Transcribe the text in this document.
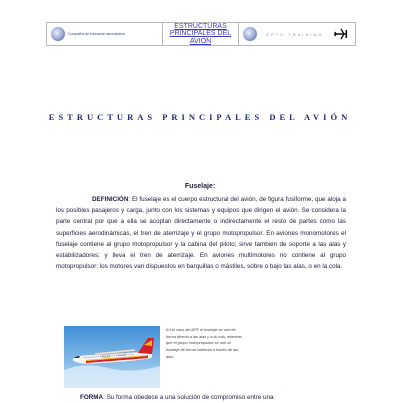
Compañía de formación aeronáutica
ESTRUCTURAS PRINCIPALES DEL AVION
OPTO TRAINING
ESTRUCTURAS PRINCIPALES DEL AVIÓN
Fuselaje:
DEFINICIÓN: El fuselaje es el cuerpo estructural del avión, de figura fusiforme, que aloja a los posibles pasajeros y carga, junto con los sistemas y equipos que dirigen el avión. Se considera la parte central por que a ella se acoplan directamente o indirectamente el resto de partes como las superficies aerodinámicas, el tren de aterrizaje y el grupo motopropulsor. En aviones monomotores el fuselaje contiene al grupo motopropulsor y la cabina del piloto; sirve también de soporte a las alas y estabilizadores; y lleva el tren de aterrizaje. En aviones multimotores no contiene al grupo motopropulsor: los motores van dispuestos en barquillas o mástiles, sobre o bajo las alas, o en la cola.
En el caso del ATR el fuselaje se une de forma directa a las alas y a la cola, mientras que el grupo motopropulsor se une al fuselaje de forma indirecta a través de las alas.
FORMA: Su forma obedece a una solución de compromiso entre una
